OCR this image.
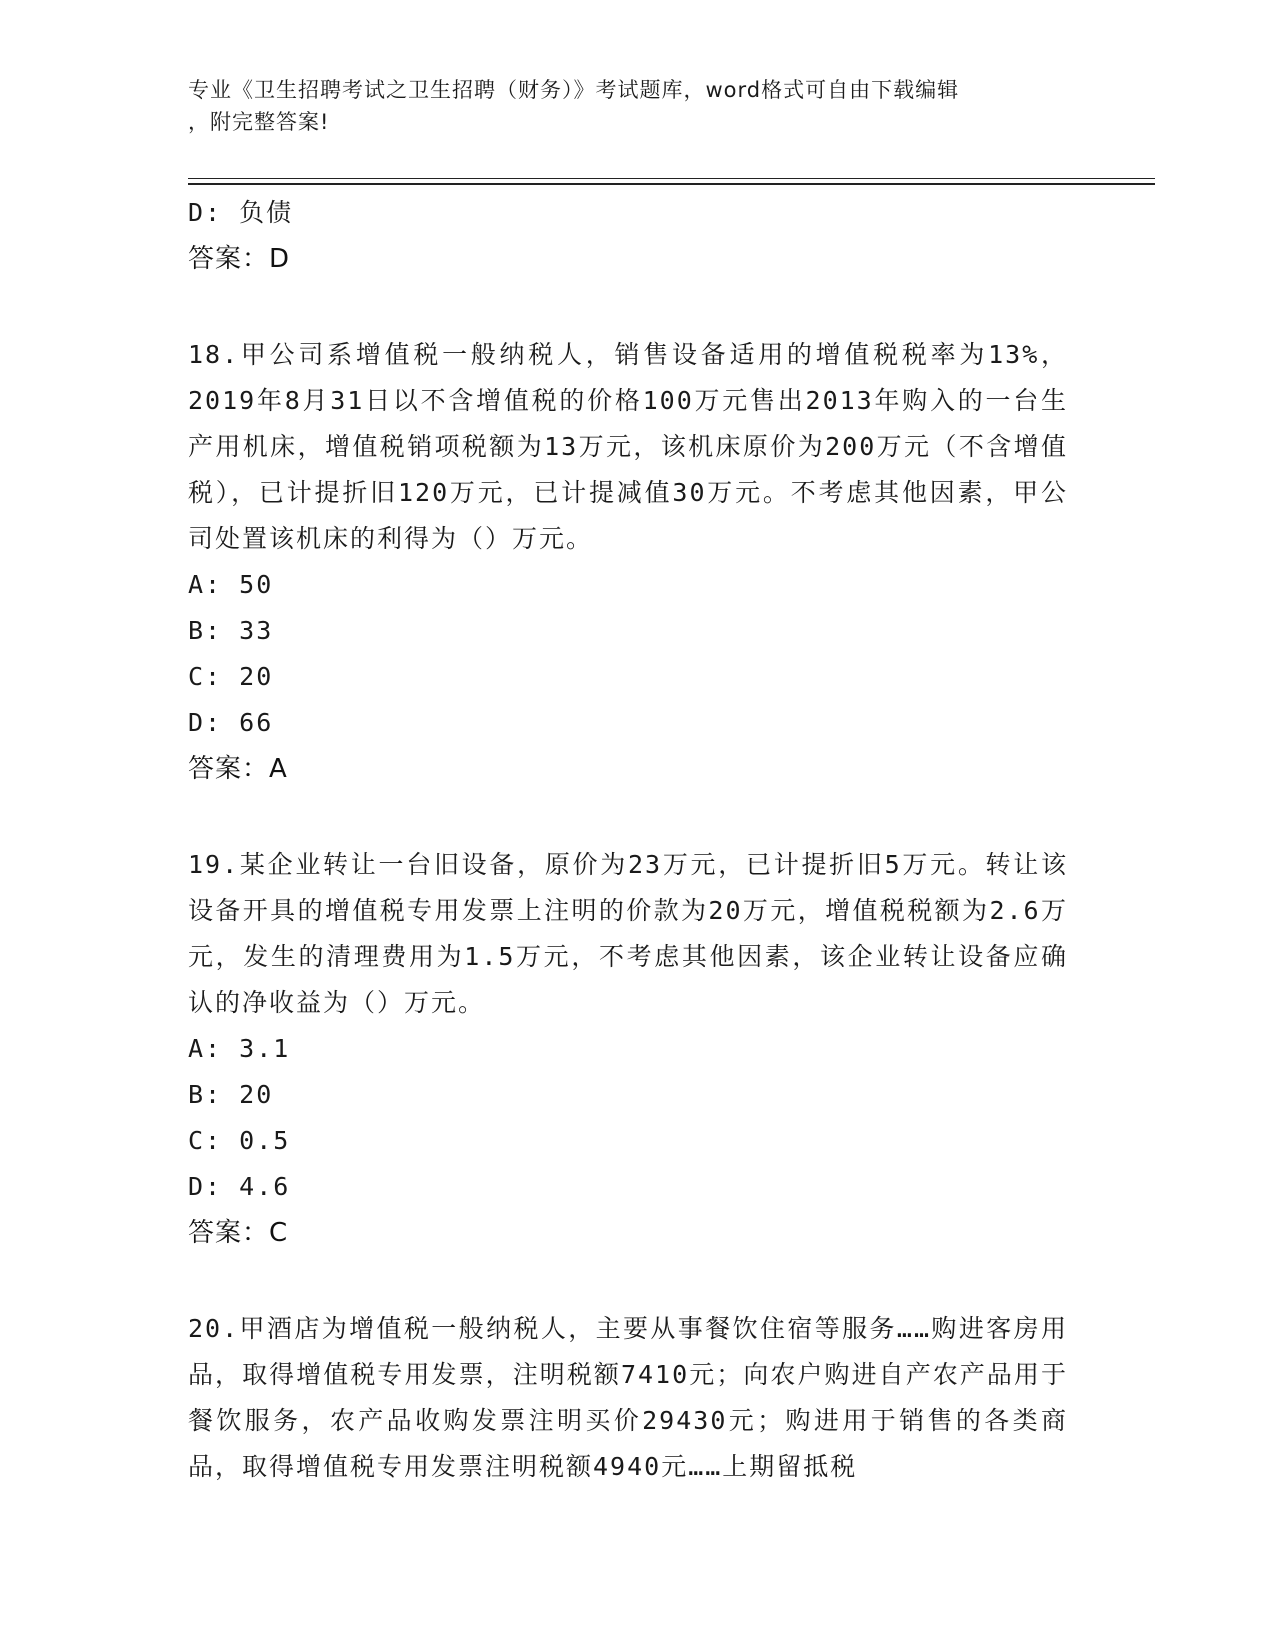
专业《卫生招聘考试之卫生招聘（财务）》考试题库，word格式可自由下载编辑
，附完整答案!
D: 负债
答案：D
18.甲公司系增值税一般纳税人，销售设备适用的增值税税率为13%，2019年8月31日以不含增值税的价格100万元售出2013年购入的一台生产用机床，增值税销项税额为13万元，该机床原价为200万元（不含增值税），已计提折旧120万元，已计提减值30万元。不考虑其他因素，甲公司处置该机床的利得为（）万元。
A: 50
B: 33
C: 20
D: 66
答案：A
19.某企业转让一台旧设备，原价为23万元，已计提折旧5万元。转让该设备开具的增值税专用发票上注明的价款为20万元，增值税税额为2.6万元，发生的清理费用为1.5万元，不考虑其他因素，该企业转让设备应确认的净收益为（）万元。
A: 3.1
B: 20
C: 0.5
D: 4.6
答案：C
20.甲酒店为增值税一般纳税人，主要从事餐饮住宿等服务……购进客房用品，取得增值税专用发票，注明税额7410元；向农户购进自产农产品用于餐饮服务，农产品收购发票注明买价29430元；购进用于销售的各类商品，取得增值税专用发票注明税额4940元……上期留抵税
